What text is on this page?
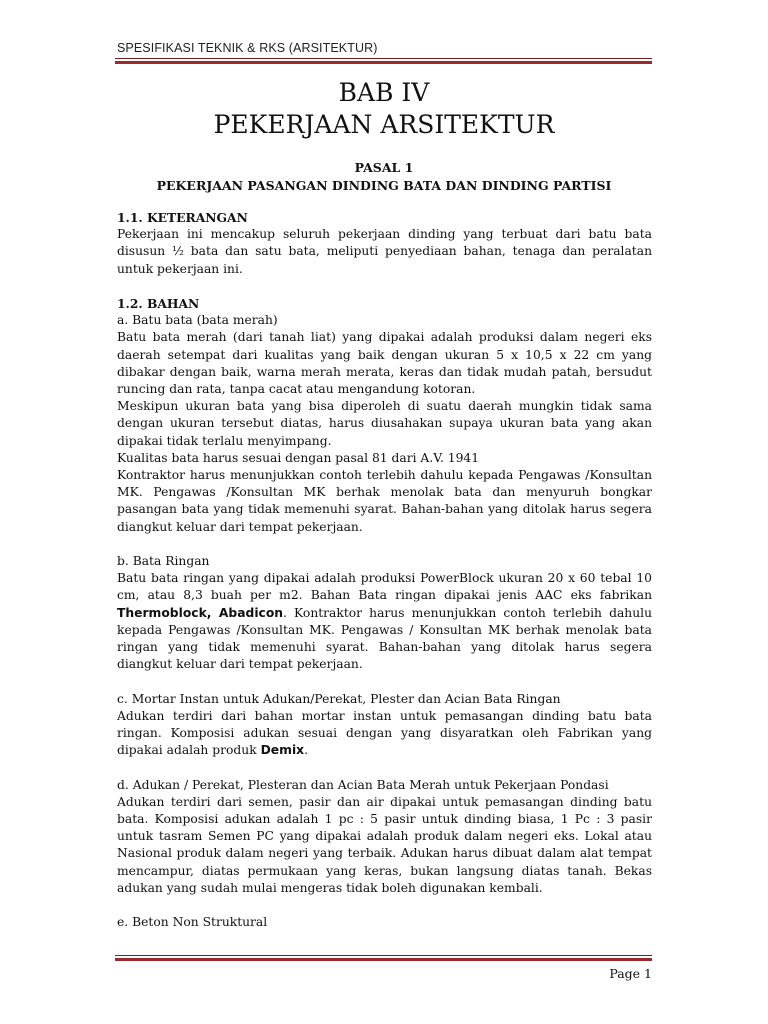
SPESIFIKASI TEKNIK & RKS (ARSITEKTUR)
BAB IV
PEKERJAAN ARSITEKTUR
PASAL 1
PEKERJAAN PASANGAN DINDING BATA DAN DINDING PARTISI

1.1. KETERANGAN

Pekerjaan ini mencakup seluruh pekerjaan dinding yang terbuat dari batu bata disusun ½ bata dan satu bata, meliputi penyediaan bahan, tenaga dan peralatan untuk pekerjaan ini.

1.2. BAHAN

a. Batu bata (bata merah)

Batu bata merah (dari tanah liat) yang dipakai adalah produksi dalam negeri eks daerah setempat dari kualitas yang baik dengan ukuran 5 x 10,5 x 22 cm yang dibakar dengan baik, warna merah merata, keras dan tidak mudah patah, bersudut runcing dan rata, tanpa cacat atau mengandung kotoran.

Meskipun ukuran bata yang bisa diperoleh di suatu daerah mungkin tidak sama dengan ukuran tersebut diatas, harus diusahakan supaya ukuran bata yang akan dipakai tidak terlalu menyimpang.

Kualitas bata harus sesuai dengan pasal 81 dari A.V. 1941

Kontraktor harus menunjukkan contoh terlebih dahulu kepada Pengawas /Konsultan MK. Pengawas /Konsultan MK berhak menolak bata dan menyuruh bongkar pasangan bata yang tidak memenuhi syarat. Bahan-bahan yang ditolak harus segera diangkut keluar dari tempat pekerjaan.

b. Bata Ringan

Batu bata ringan yang dipakai adalah produksi PowerBlock ukuran 20 x 60 tebal 10 cm, atau 8,3 buah per m2. Bahan Bata ringan dipakai jenis AAC eks fabrikan Thermoblock, Abadicon. Kontraktor harus menunjukkan contoh terlebih dahulu kepada Pengawas /Konsultan MK. Pengawas / Konsultan MK berhak menolak bata ringan yang tidak memenuhi syarat. Bahan-bahan yang ditolak harus segera diangkut keluar dari tempat pekerjaan.

c. Mortar Instan untuk Adukan/Perekat, Plester dan Acian Bata Ringan

Adukan terdiri dari bahan mortar instan untuk pemasangan dinding batu bata ringan. Komposisi adukan sesuai dengan yang disyaratkan oleh Fabrikan yang dipakai adalah produk Demix.

d. Adukan / Perekat, Plesteran dan Acian Bata Merah untuk Pekerjaan Pondasi

Adukan terdiri dari semen, pasir dan air dipakai untuk pemasangan dinding batu bata. Komposisi adukan adalah 1 pc : 5 pasir untuk dinding biasa, 1 Pc : 3 pasir untuk tasram Semen PC yang dipakai adalah produk dalam negeri eks. Lokal atau Nasional produk dalam negeri yang terbaik. Adukan harus dibuat dalam alat tempat mencampur, diatas permukaan yang keras, bukan langsung diatas tanah. Bekas adukan yang sudah mulai mengeras tidak boleh digunakan kembali.

e. Beton Non Struktural

Page 1
